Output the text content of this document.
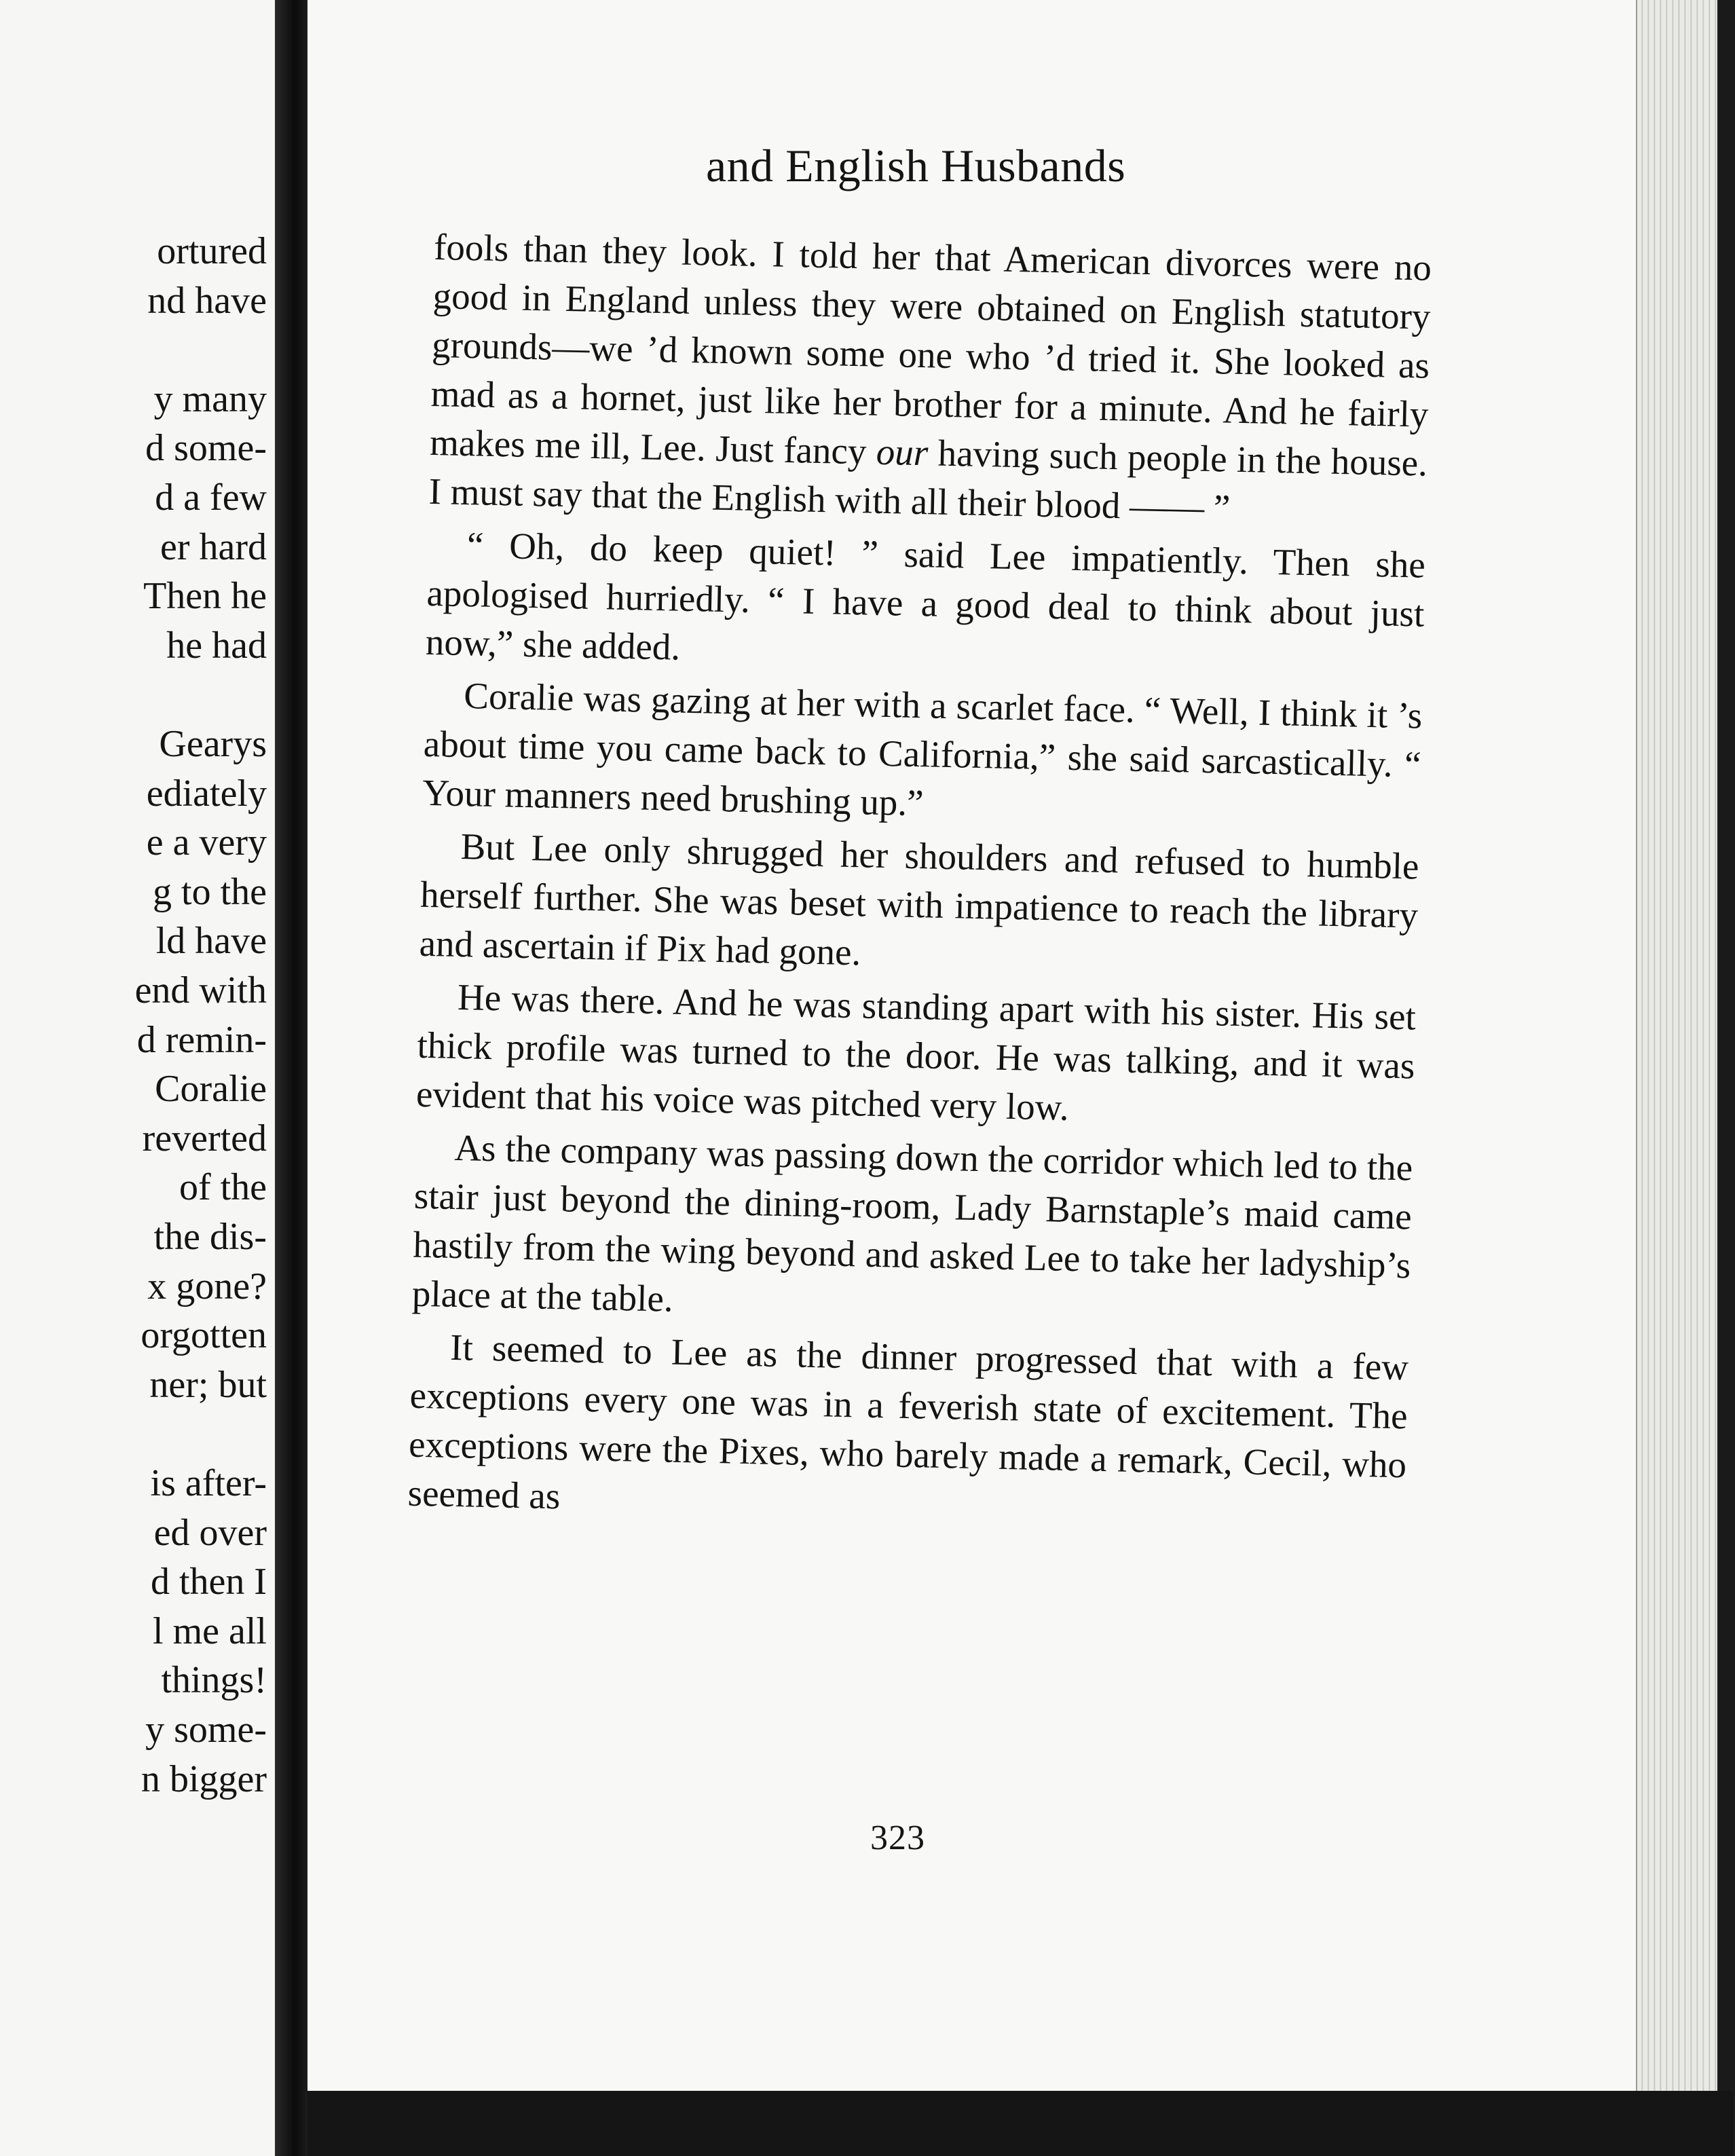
ortured
nd have
y many
d some-
d a few
er hard
Then he
he had
Gearys
ediately
e a very
g to the
ld have
end with
d remin-
Coralie
reverted
of the
the dis-
x gone?
orgotten
ner; but
is after-
ed over
d then I
l me all
things!
y some-
n bigger
and English Husbands

fools than they look. I told her that American divorces were no good in England unless they were obtained on English statutory grounds—we ’d known some one who ’d tried it. She looked as mad as a hornet, just like her brother for a minute. And he fairly makes me ill, Lee. Just fancy our having such people in the house. I must say that the English with all their blood —— ”

“ Oh, do keep quiet! ” said Lee impatiently. Then she apologised hurriedly. “ I have a good deal to think about just now,” she added.

Coralie was gazing at her with a scarlet face. “ Well, I think it ’s about time you came back to California,” she said sarcastically. “ Your manners need brushing up.”

But Lee only shrugged her shoulders and refused to humble herself further. She was beset with impatience to reach the library and ascertain if Pix had gone.

He was there. And he was standing apart with his sister. His set thick profile was turned to the door. He was talking, and it was evident that his voice was pitched very low.

As the company was passing down the corridor which led to the stair just beyond the dining-room, Lady Barnstaple’s maid came hastily from the wing beyond and asked Lee to take her ladyship’s place at the table.

It seemed to Lee as the dinner progressed that with a few exceptions every one was in a feverish state of excitement. The exceptions were the Pixes, who barely made a remark, Cecil, who seemed as

323
